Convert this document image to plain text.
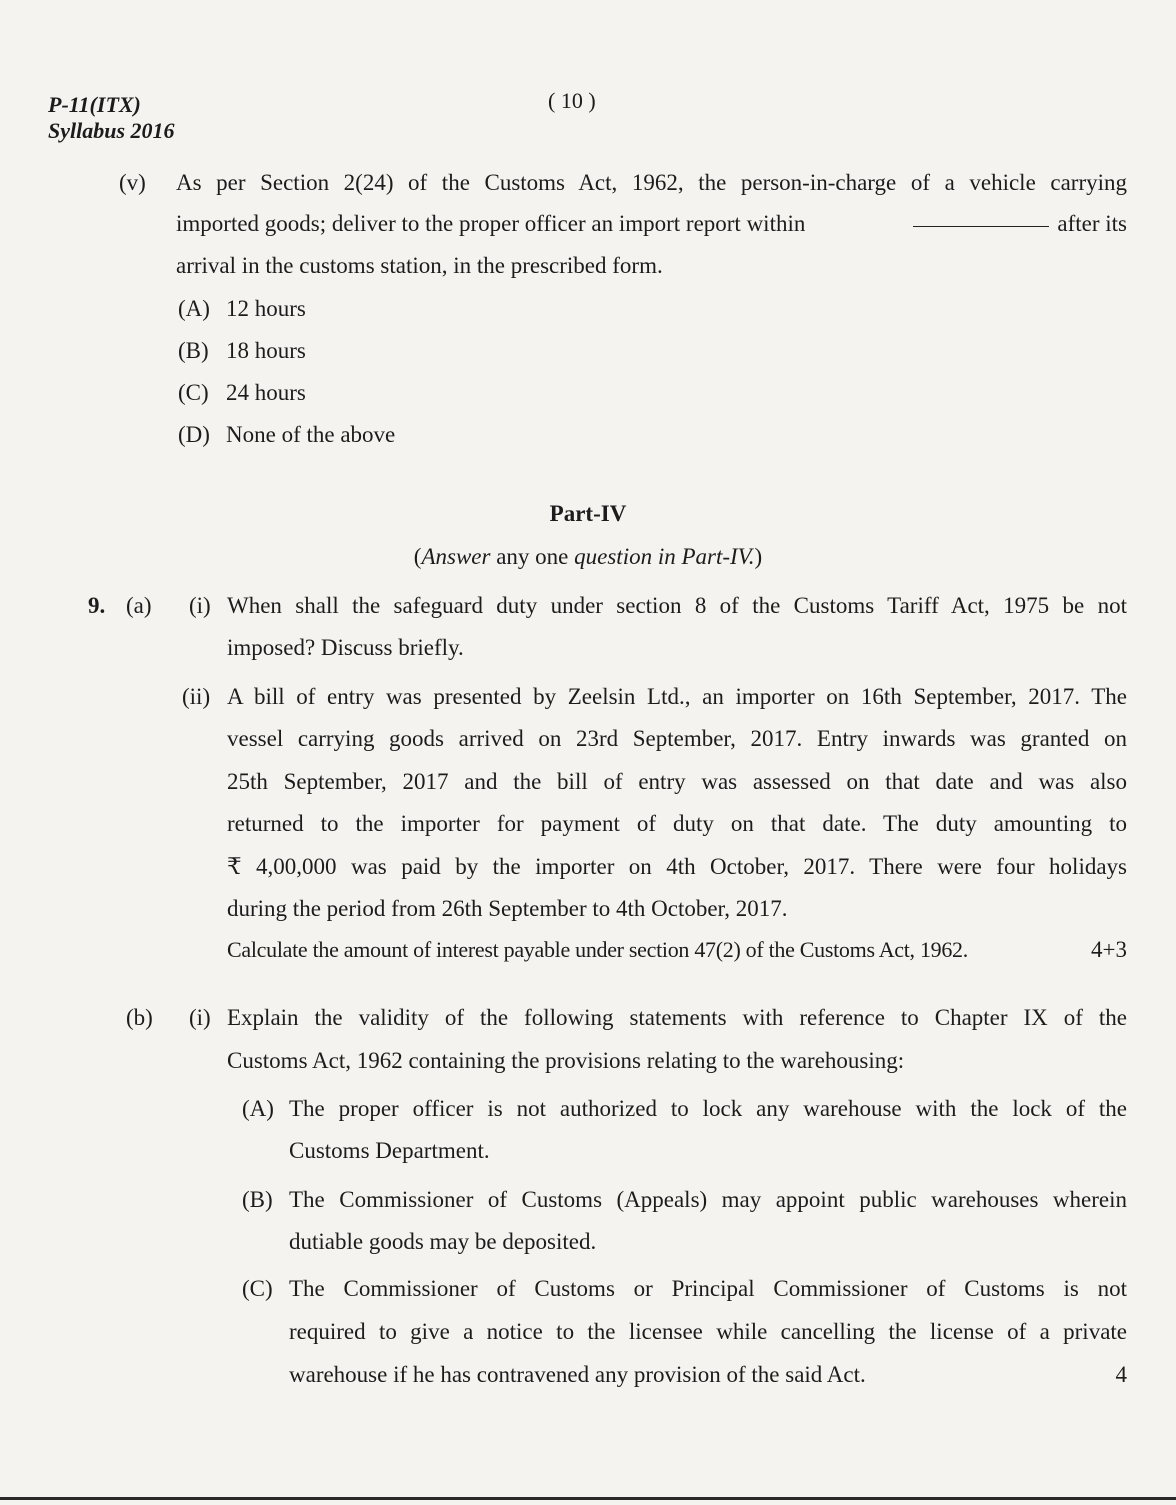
P-11(ITX)
Syllabus 2016
( 10 )
(v) As per Section 2(24) of the Customs Act, 1962, the person-in-charge of a vehicle carrying
imported goods; deliver to the proper officer an import report within	after its
arrival in the customs station, in the prescribed form.
(A) 12 hours
(B) 18 hours
(C) 24 hours
(D) None of the above
Part-IV
(Answer any one question in Part-IV.)
9. (a) (i) When shall the safeguard duty under section 8 of the Customs Tariff Act, 1975 be not
imposed? Discuss briefly.
(ii) A bill of entry was presented by Zeelsin Ltd., an importer on 16th September, 2017. The
vessel carrying goods arrived on 23rd September, 2017. Entry inwards was granted on
25th September, 2017 and the bill of entry was assessed on that date and was also
returned to the importer for payment of duty on that date. The duty amounting to
₹ 4,00,000 was paid by the importer on 4th October, 2017. There were four holidays
during the period from 26th September to 4th October, 2017.
Calculate the amount of interest payable under section 47(2) of the Customs Act, 1962.	4+3
(b) (i) Explain the validity of the following statements with reference to Chapter IX of the
Customs Act, 1962 containing the provisions relating to the warehousing:
(A) The proper officer is not authorized to lock any warehouse with the lock of the
Customs Department.
(B) The Commissioner of Customs (Appeals) may appoint public warehouses wherein
dutiable goods may be deposited.
(C) The Commissioner of Customs or Principal Commissioner of Customs is not
required to give a notice to the licensee while cancelling the license of a private
warehouse if he has contravened any provision of the said Act.	4
